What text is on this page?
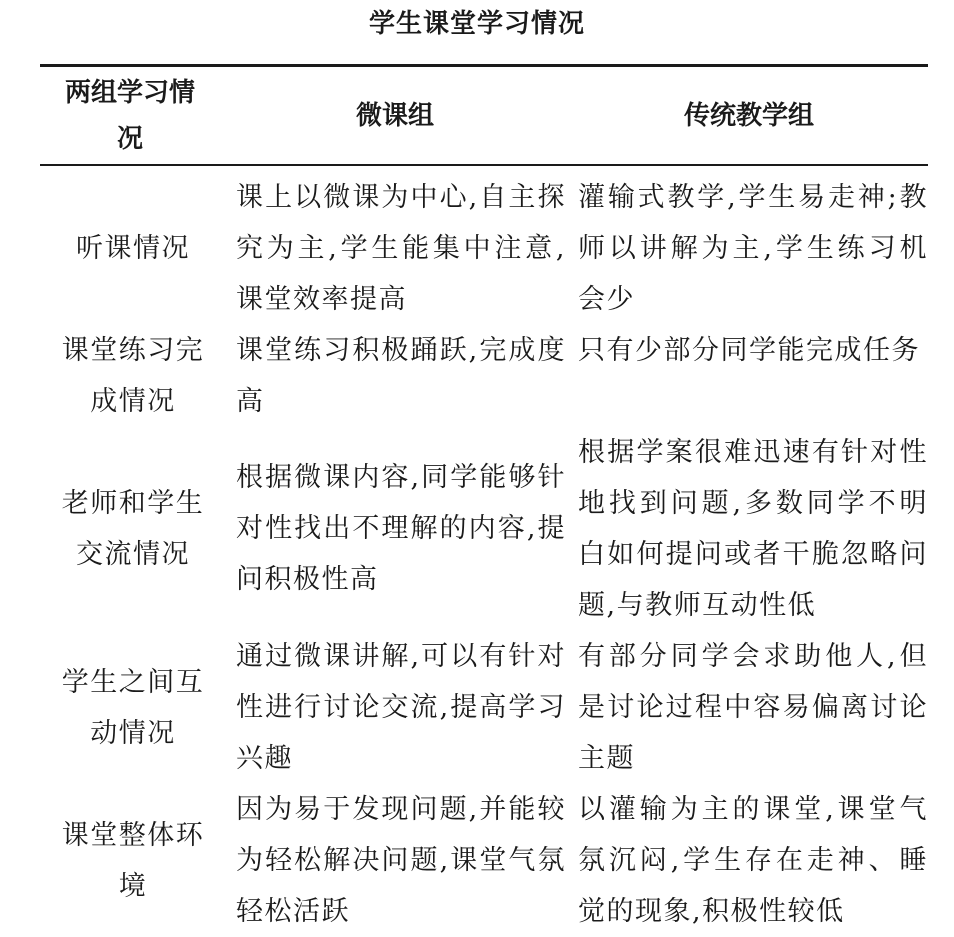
学生课堂学习情况
两组学习情况
微课组	传统教学组
听课情况
课上以微课为中心,自主探究为主,学生能集中注意,课堂效率提高
灌输式教学,学生易走神;教师以讲解为主,学生练习机会少
课堂练习完成情况
课堂练习积极踊跃,完成度高
只有少部分同学能完成任务
老师和学生交流情况
根据微课内容,同学能够针对性找出不理解的内容,提问积极性高
根据学案很难迅速有针对性地找到问题,多数同学不明白如何提问或者干脆忽略问题,与教师互动性低
学生之间互动情况
通过微课讲解,可以有针对性进行讨论交流,提高学习兴趣
有部分同学会求助他人,但是讨论过程中容易偏离讨论主题
课堂整体环境
因为易于发现问题,并能较为轻松解决问题,课堂气氛轻松活跃
以灌输为主的课堂,课堂气氛沉闷,学生存在走神、睡觉的现象,积极性较低
